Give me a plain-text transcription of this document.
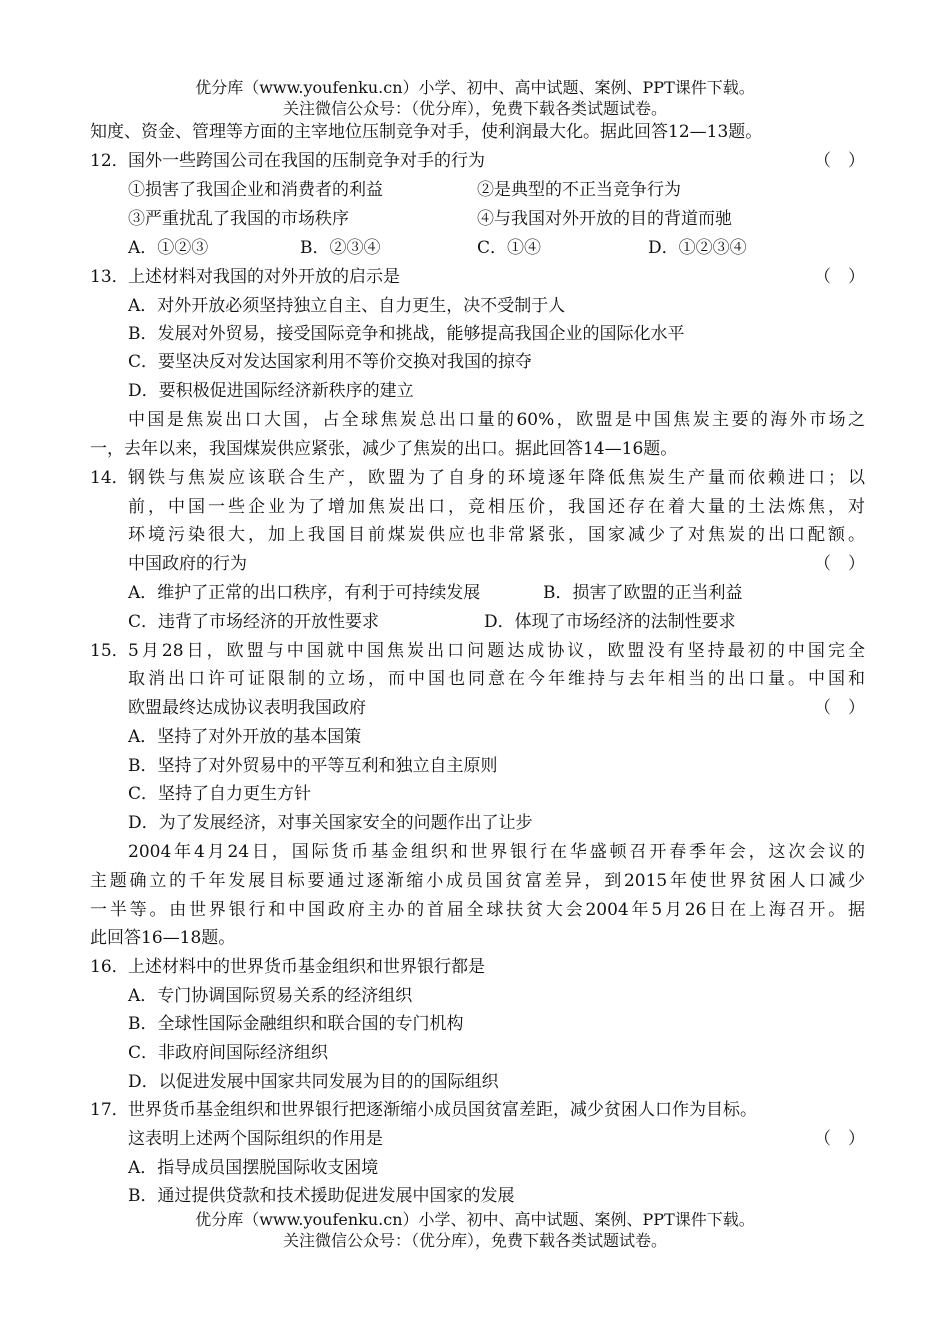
优分库（www.youfenku.cn）小学、初中、高中试题、案例、PPT课件下载。
关注微信公众号：（优分库），免费下载各类试题试卷。
知度、资金、管理等方面的主宰地位压制竞争对手，使利润最大化。据此回答12—13题。
12．国外一些跨国公司在我国的压制竞争对手的行为	（　）
①损害了我国企业和消费者的利益	②是典型的不正当竞争行为
③严重扰乱了我国的市场秩序	④与我国对外开放的目的背道而驰
A．①②③	B．②③④	C．①④	D．①②③④
13．上述材料对我国的对外开放的启示是	（　）
A．对外开放必须坚持独立自主、自力更生，决不受制于人
B．发展对外贸易，接受国际竞争和挑战，能够提高我国企业的国际化水平
C．要坚决反对发达国家利用不等价交换对我国的掠夺
D．要积极促进国际经济新秩序的建立
中国是焦炭出口大国，占全球焦炭总出口量的60%，欧盟是中国焦炭主要的海外市场之
一，去年以来，我国煤炭供应紧张，减少了焦炭的出口。据此回答14—16题。
14． 钢铁与焦炭应该联合生产，欧盟为了自身的环境逐年降低焦炭生产量而依赖进口；以
前，中国一些企业为了增加焦炭出口，竞相压价，我国还存在着大量的土法炼焦，对
环境污染很大，加上我国目前煤炭供应也非常紧张，国家减少了对焦炭的出口配额。
中国政府的行为	（　）
A．维护了正常的出口秩序，有利于可持续发展	B．损害了欧盟的正当利益
C．违背了市场经济的开放性要求	D．体现了市场经济的法制性要求
15． 5月28日，欧盟与中国就中国焦炭出口问题达成协议，欧盟没有坚持最初的中国完全
取消出口许可证限制的立场，而中国也同意在今年维持与去年相当的出口量。中国和
欧盟最终达成协议表明我国政府	（　）
A．坚持了对外开放的基本国策
B．坚持了对外贸易中的平等互利和独立自主原则
C．坚持了自力更生方针
D．为了发展经济，对事关国家安全的问题作出了让步
2004年4月24日，国际货币基金组织和世界银行在华盛顿召开春季年会，这次会议的
主题确立的千年发展目标要通过逐渐缩小成员国贫富差异，到2015年使世界贫困人口减少
一半等。由世界银行和中国政府主办的首届全球扶贫大会2004年5月26日在上海召开。据
此回答16—18题。
16．上述材料中的世界货币基金组织和世界银行都是
A．专门协调国际贸易关系的经济组织
B．全球性国际金融组织和联合国的专门机构
C．非政府间国际经济组织
D．以促进发展中国家共同发展为目的的国际组织
17．世界货币基金组织和世界银行把逐渐缩小成员国贫富差距，减少贫困人口作为目标。
这表明上述两个国际组织的作用是	（　）
A．指导成员国摆脱国际收支困境
B．通过提供贷款和技术援助促进发展中国家的发展
优分库（www.youfenku.cn）小学、初中、高中试题、案例、PPT课件下载。
关注微信公众号：（优分库），免费下载各类试题试卷。
